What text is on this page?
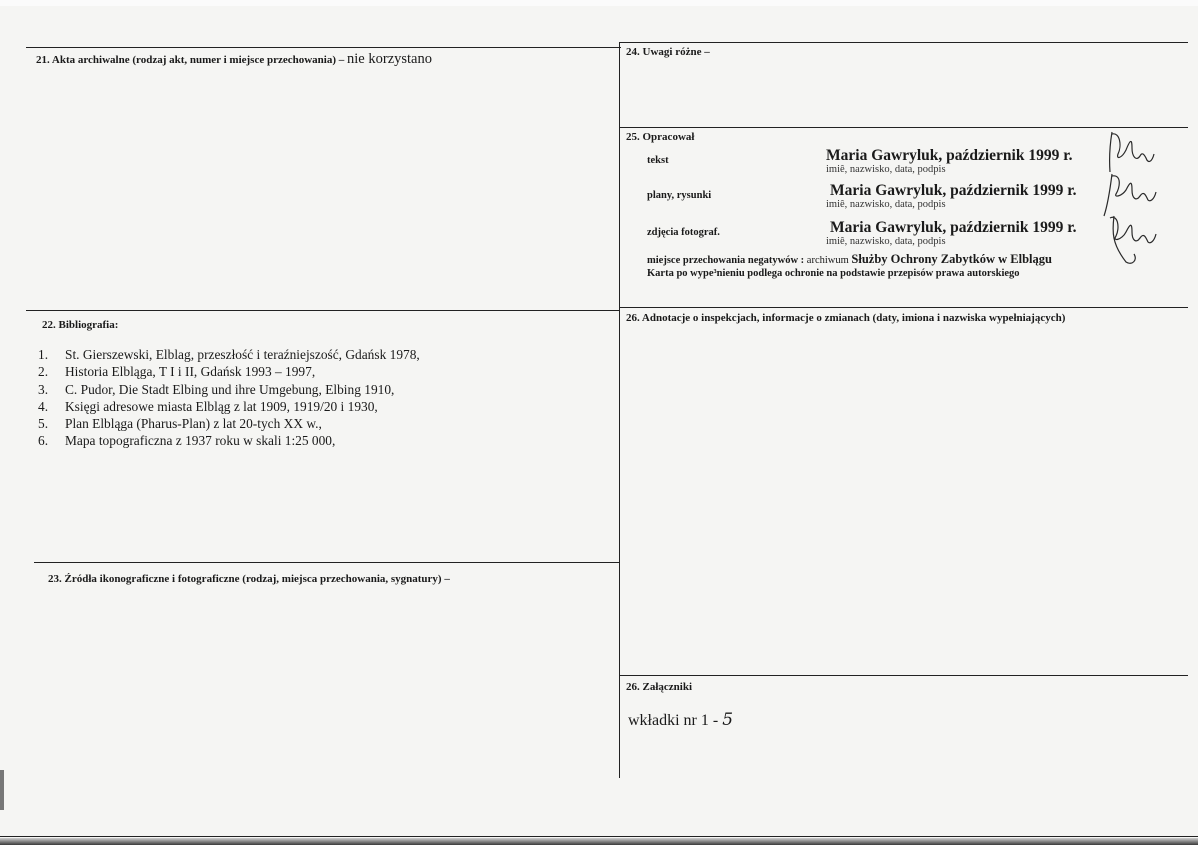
21. Akta archiwalne (rodzaj akt, numer i miejsce przechowania) – nie korzystano	24. Uwagi różne –
25. Opracował
tekst	Maria Gawryluk, październik 1999 r.
imiê, nazwisko, data, podpis
plany, rysunki	Maria Gawryluk, październik 1999 r.
imiê, nazwisko, data, podpis
zdjęcia fotograf.	Maria Gawryluk, październik 1999 r.
imiê, nazwisko, data, podpis
miejsce przechowania negatywów : archiwum Służby Ochrony Zabytków w Elblągu
Karta po wype³nieniu podlega ochronie na podstawie przepisów prawa autorskiego
22. Bibliografia:
1.	St. Gierszewski, Elblag, przeszłość i teraźniejszość, Gdańsk 1978,
2.	Historia Elbląga, T I i II, Gdańsk 1993 – 1997,
3.	C. Pudor, Die Stadt Elbing und ihre Umgebung, Elbing 1910,
4.	Księgi adresowe miasta Elbląg z lat 1909, 1919/20 i 1930,
5.	Plan Elbląga (Pharus-Plan) z lat 20-tych XX w.,
6.	Mapa topograficzna z 1937 roku w skali 1:25 000,
26. Adnotacje o inspekcjach, informacje o zmianach (daty, imiona i nazwiska wypełniających)
23. Źródła ikonograficzne i fotograficzne (rodzaj, miejsca przechowania, sygnatury) –
26. Załączniki
wkładki nr 1 - 5
